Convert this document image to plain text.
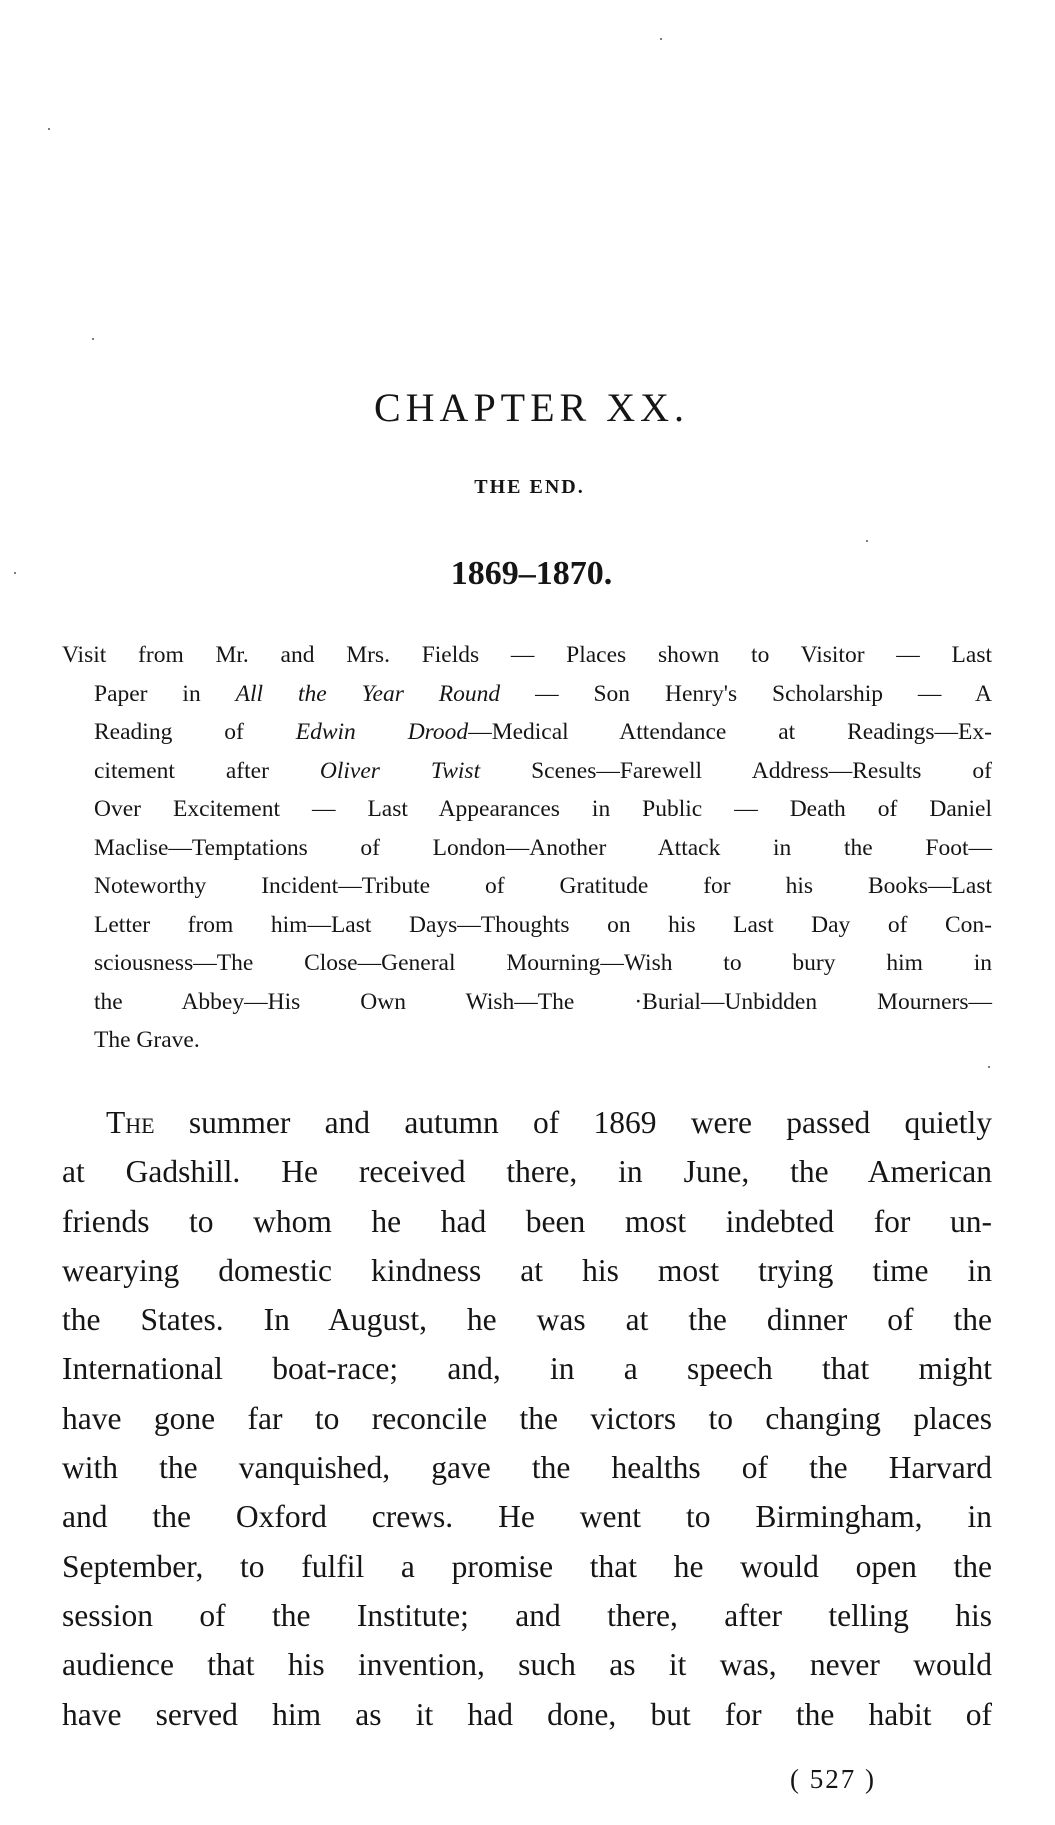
CHAPTER XX.
THE END.
1869–1870.
Visit from Mr. and Mrs. Fields — Places shown to Visitor — Last
Paper in All the Year Round — Son Henry's Scholarship — A
Reading of Edwin Drood—Medical Attendance at Readings—Ex-
citement after Oliver Twist Scenes—Farewell Address—Results of
Over Excitement — Last Appearances in Public — Death of Daniel
Maclise—Temptations of London—Another Attack in the Foot—
Noteworthy Incident—Tribute of Gratitude for his Books—Last
Letter from him—Last Days—Thoughts on his Last Day of Con-
sciousness—The Close—General Mourning—Wish to bury him in
the Abbey—His Own Wish—The ·Burial—Unbidden Mourners—
The Grave.
The summer and autumn of 1869 were passed quietly
at Gadshill. He received there, in June, the American
friends to whom he had been most indebted for un-
wearying domestic kindness at his most trying time in
the States. In August, he was at the dinner of the
International boat-race; and, in a speech that might
have gone far to reconcile the victors to changing places
with the vanquished, gave the healths of the Harvard
and the Oxford crews. He went to Birmingham, in
September, to fulfil a promise that he would open the
session of the Institute; and there, after telling his
audience that his invention, such as it was, never would
have served him as it had done, but for the habit of
( 527 )
